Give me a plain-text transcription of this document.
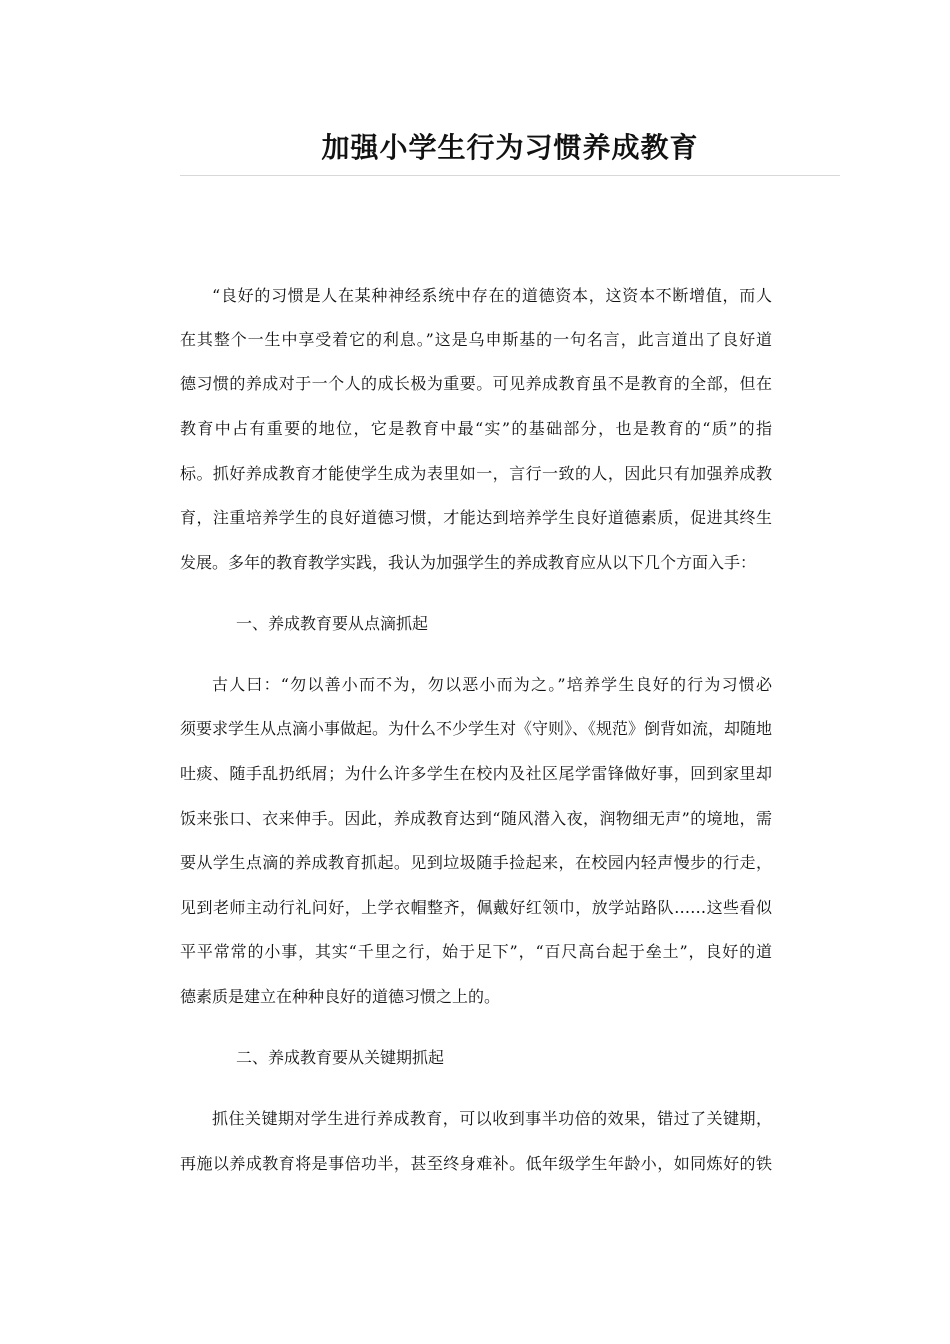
加强小学生行为习惯养成教育
“良好的习惯是人在某种神经系统中存在的道德资本，这资本不断增值，而人
在其整个一生中享受着它的利息。”这是乌申斯基的一句名言，此言道出了良好道
德习惯的养成对于一个人的成长极为重要。可见养成教育虽不是教育的全部，但在
教育中占有重要的地位，它是教育中最“实”的基础部分，也是教育的“质”的指
标。抓好养成教育才能使学生成为表里如一，言行一致的人，因此只有加强养成教
育，注重培养学生的良好道德习惯，才能达到培养学生良好道德素质，促进其终生
发展。多年的教育教学实践，我认为加强学生的养成教育应从以下几个方面入手：
一、养成教育要从点滴抓起
古人曰：“勿以善小而不为，勿以恶小而为之。”培养学生良好的行为习惯必
须要求学生从点滴小事做起。为什么不少学生对《守则》、《规范》倒背如流，却随地
吐痰、随手乱扔纸屑；为什么许多学生在校内及社区尾学雷锋做好事，回到家里却
饭来张口、衣来伸手。因此，养成教育达到“随风潜入夜，润物细无声”的境地，需
要从学生点滴的养成教育抓起。见到垃圾随手捡起来，在校园内轻声慢步的行走，
见到老师主动行礼问好，上学衣帽整齐，佩戴好红领巾，放学站路队……这些看似
平平常常的小事，其实“千里之行，始于足下”，“百尺高台起于垒土”，良好的道
德素质是建立在种种良好的道德习惯之上的。
二、养成教育要从关键期抓起
抓住关键期对学生进行养成教育，可以收到事半功倍的效果，错过了关键期，
再施以养成教育将是事倍功半，甚至终身难补。低年级学生年龄小，如同炼好的铁
